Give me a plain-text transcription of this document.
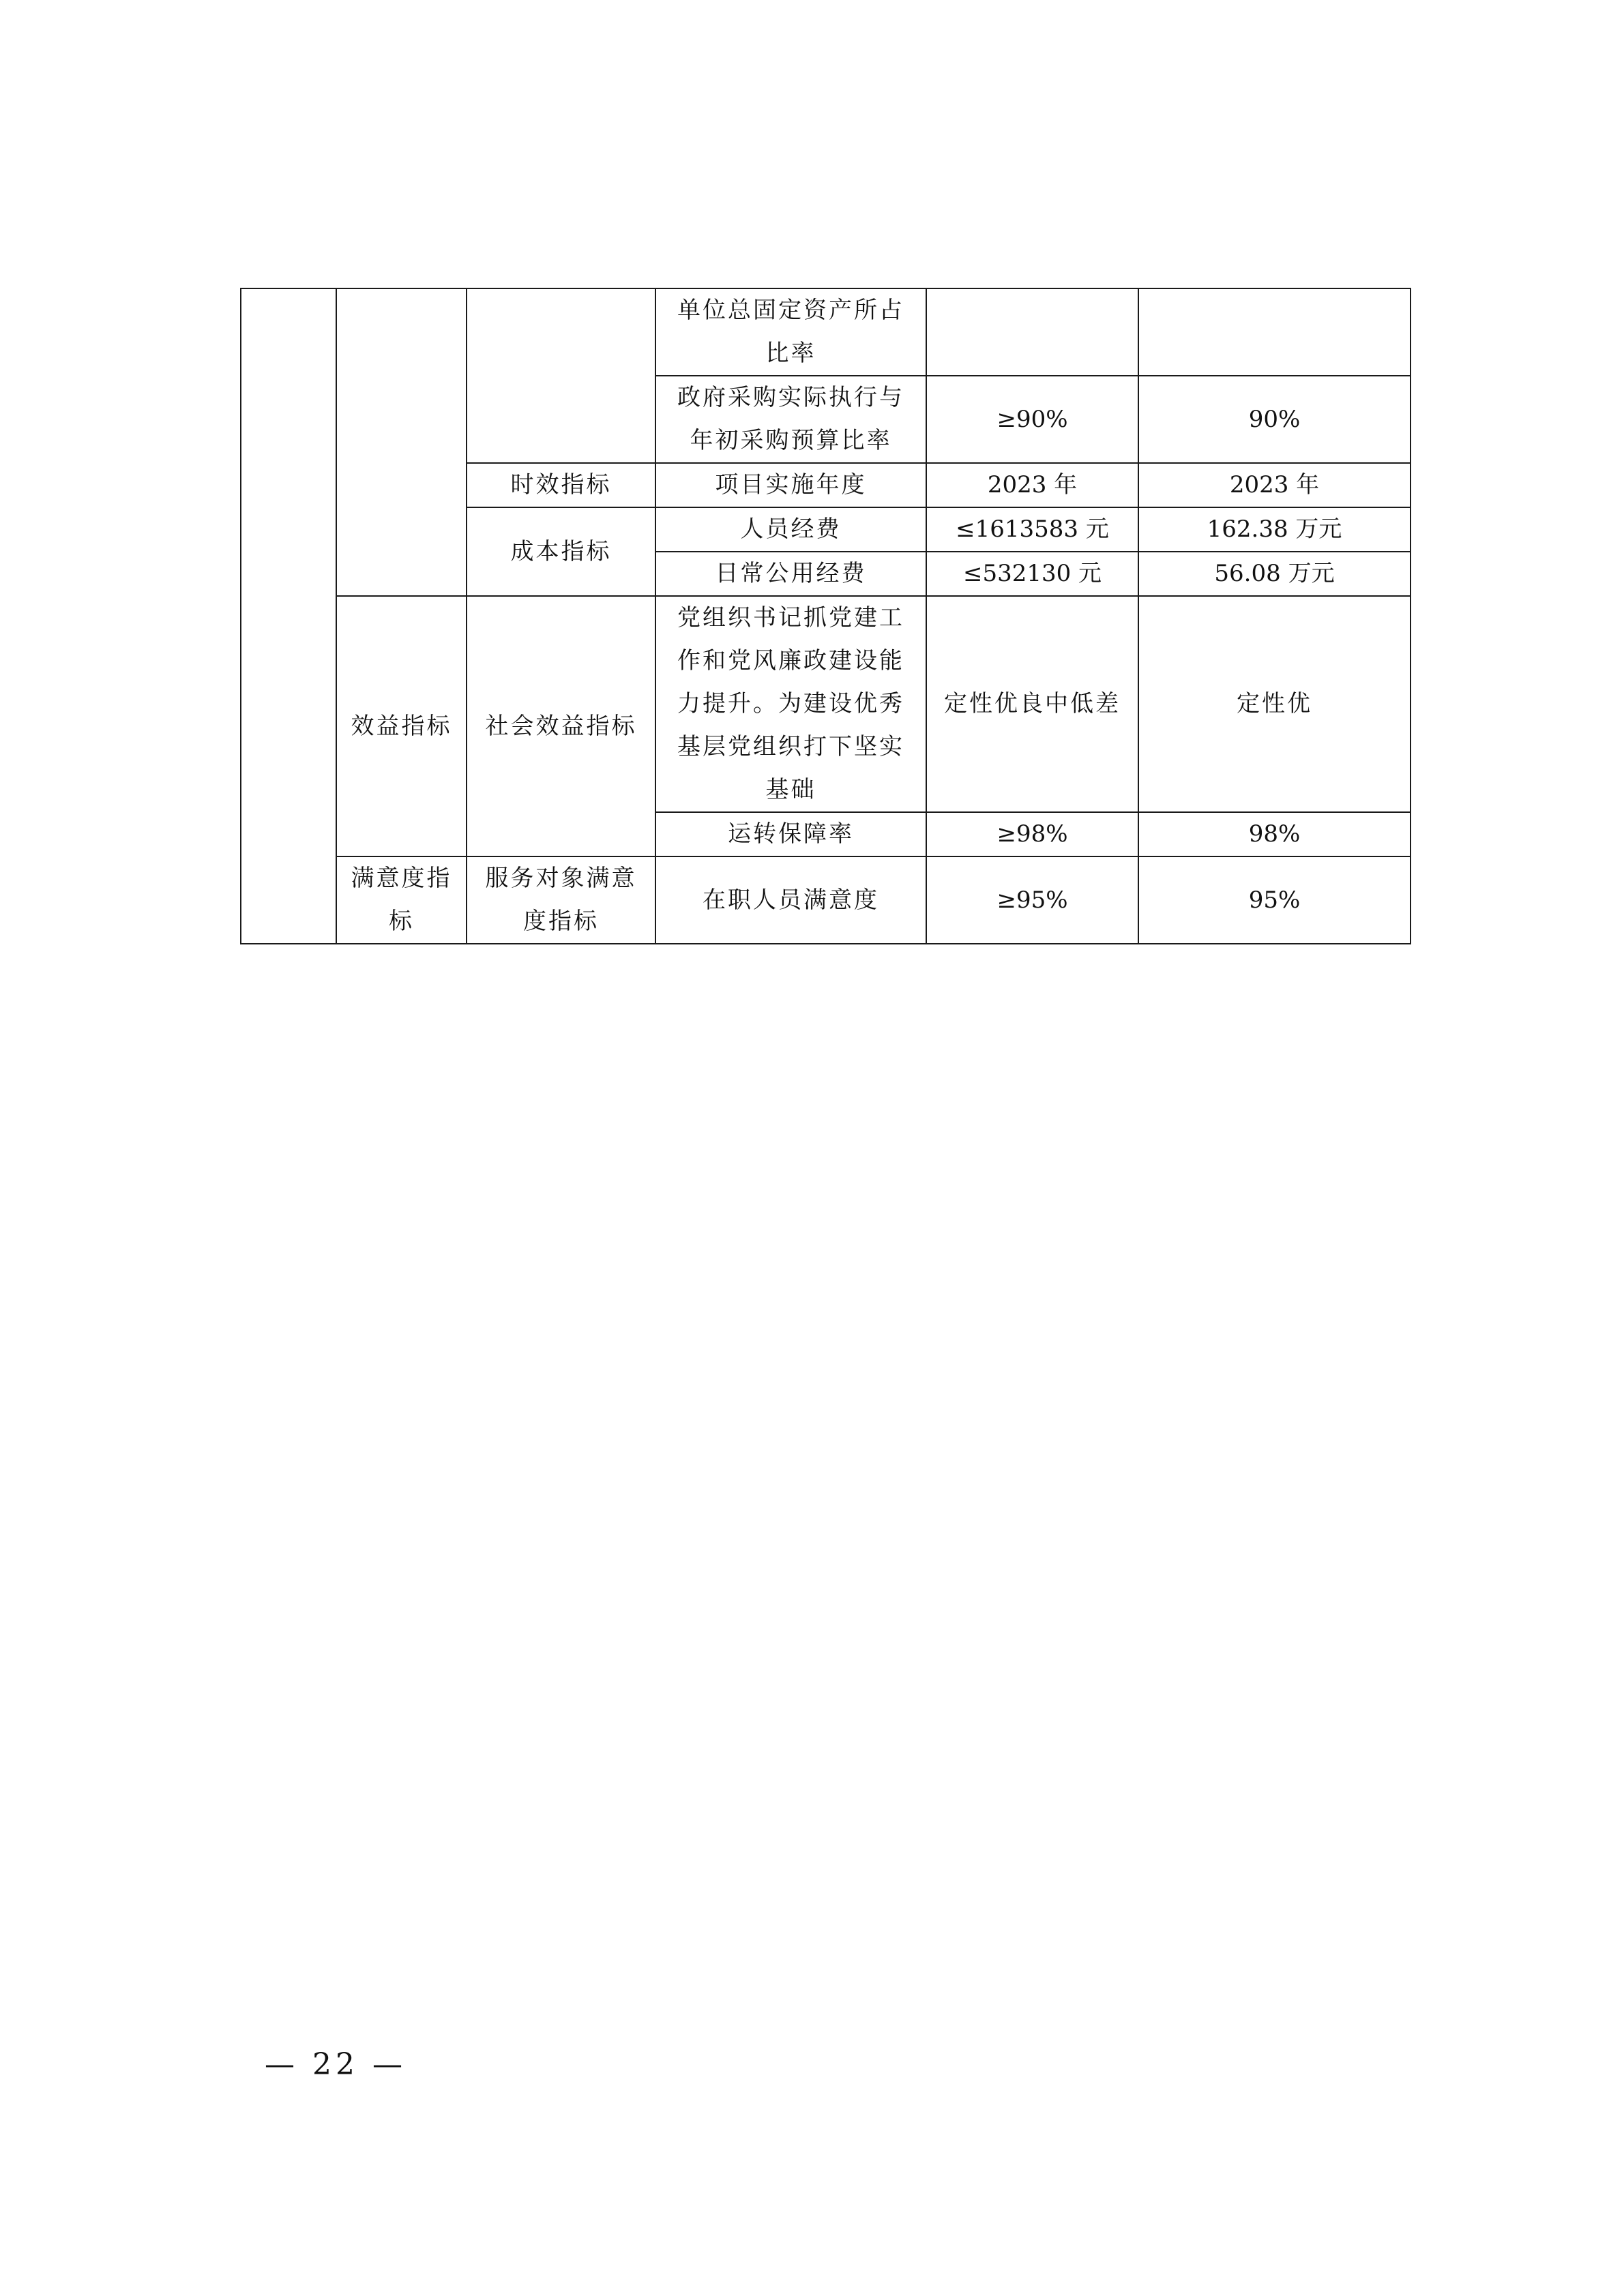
			单位总固定资产所占比率		

			政府采购实际执行与年初采购预算比率	≥90%	90%

		时效指标	项目实施年度	2023 年	2023 年

		成本指标	人员经费	≤1613583 元	162.38 万元

			日常公用经费	≤532130 元	56.08 万元

	效益指标	社会效益指标	党组织书记抓党建工作和党风廉政建设能力提升。为建设优秀基层党组织打下坚实基础	定性优良中低差	定性优

			运转保障率	≥98%	98%

	满意度指标	服务对象满意度指标	在职人员满意度	≥95%	95%
— 22 —
